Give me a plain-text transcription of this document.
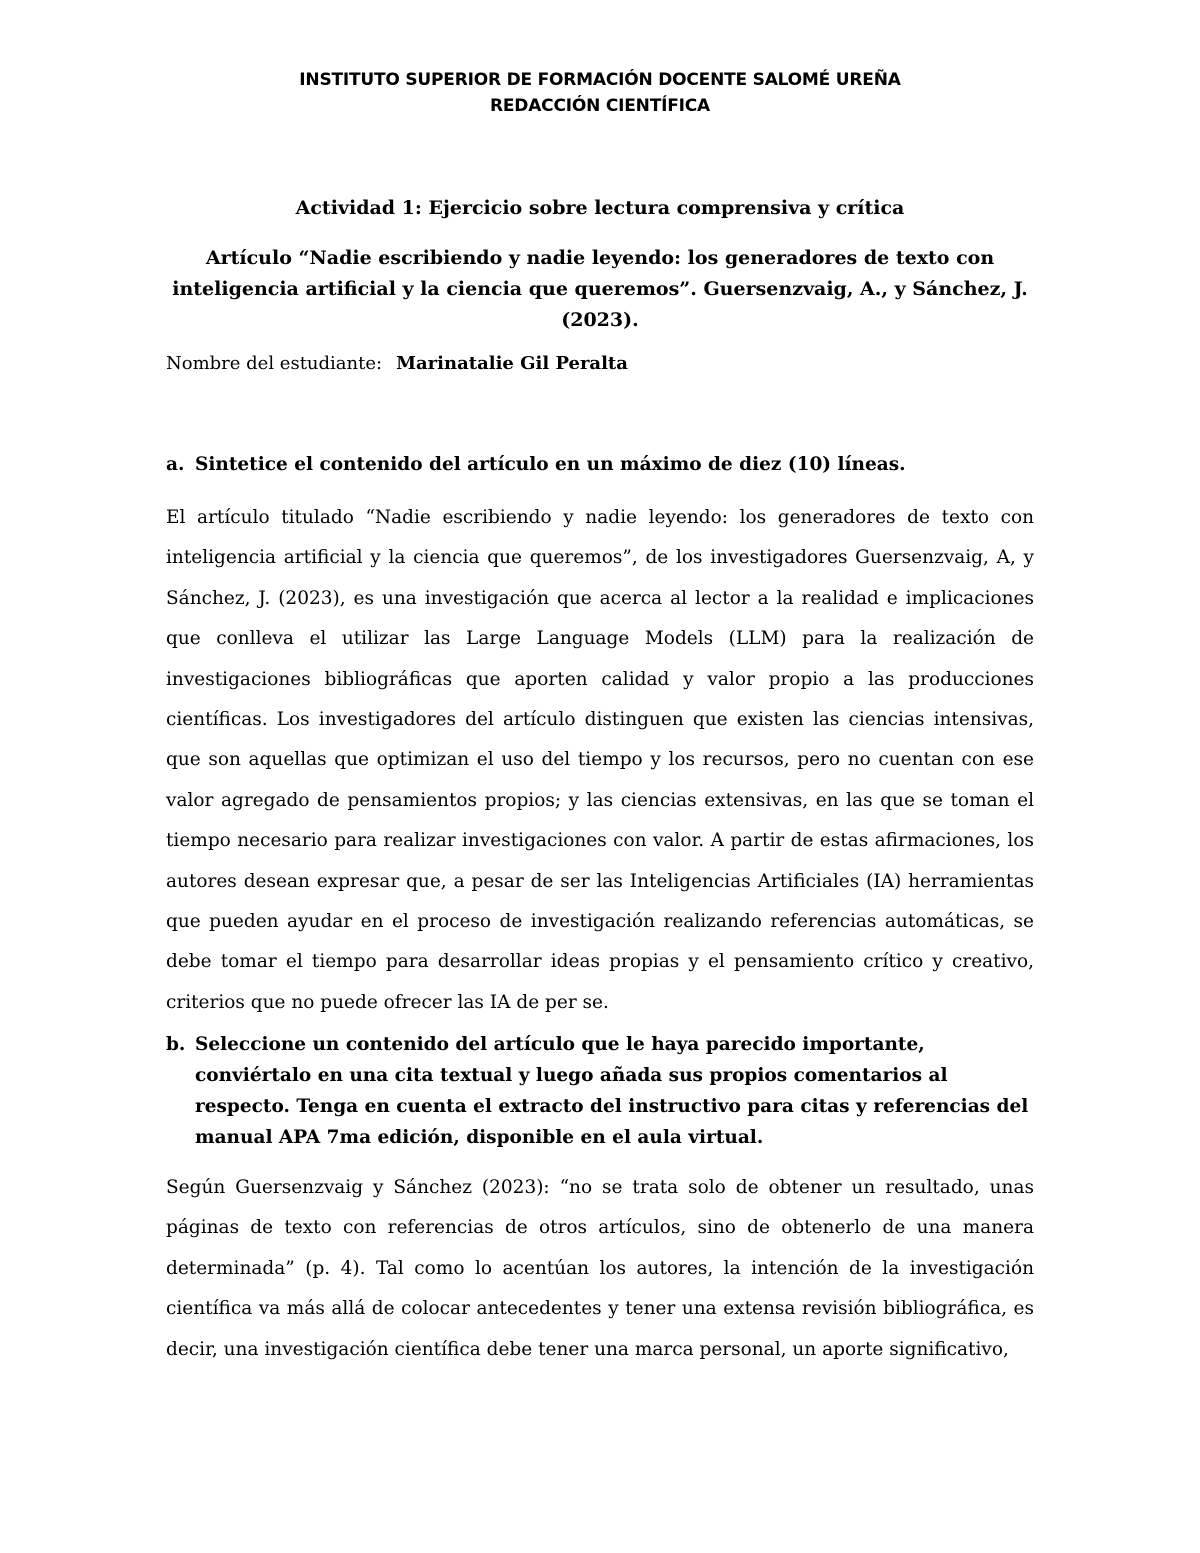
INSTITUTO SUPERIOR DE FORMACIÓN DOCENTE SALOMÉ UREÑA
REDACCIÓN CIENTÍFICA
Actividad 1: Ejercicio sobre lectura comprensiva y crítica
Artículo “Nadie escribiendo y nadie leyendo: los generadores de texto con inteligencia artificial y la ciencia que queremos”. Guersenzvaig, A., y Sánchez, J. (2023).
Nombre del estudiante: Marinatalie Gil Peralta
a. Sintetice el contenido del artículo en un máximo de diez (10) líneas.

El artículo titulado “Nadie escribiendo y nadie leyendo: los generadores de texto con inteligencia artificial y la ciencia que queremos”, de los investigadores Guersenzvaig, A, y Sánchez, J. (2023), es una investigación que acerca al lector a la realidad e implicaciones que conlleva el utilizar las Large Language Models (LLM) para la realización de investigaciones bibliográficas que aporten calidad y valor propio a las producciones científicas. Los investigadores del artículo distinguen que existen las ciencias intensivas, que son aquellas que optimizan el uso del tiempo y los recursos, pero no cuentan con ese valor agregado de pensamientos propios; y las ciencias extensivas, en las que se toman el tiempo necesario para realizar investigaciones con valor. A partir de estas afirmaciones, los autores desean expresar que, a pesar de ser las Inteligencias Artificiales (IA) herramientas que pueden ayudar en el proceso de investigación realizando referencias automáticas, se debe tomar el tiempo para desarrollar ideas propias y el pensamiento crítico y creativo, criterios que no puede ofrecer las IA de per se.

b. Seleccione un contenido del artículo que le haya parecido importante, conviértalo en una cita textual y luego añada sus propios comentarios al respecto. Tenga en cuenta el extracto del instructivo para citas y referencias del manual APA 7ma edición, disponible en el aula virtual.

Según Guersenzvaig y Sánchez (2023): “no se trata solo de obtener un resultado, unas páginas de texto con referencias de otros artículos, sino de obtenerlo de una manera determinada” (p. 4). Tal como lo acentúan los autores, la intención de la investigación científica va más allá de colocar antecedentes y tener una extensa revisión bibliográfica, es decir, una investigación científica debe tener una marca personal, un aporte significativo,
